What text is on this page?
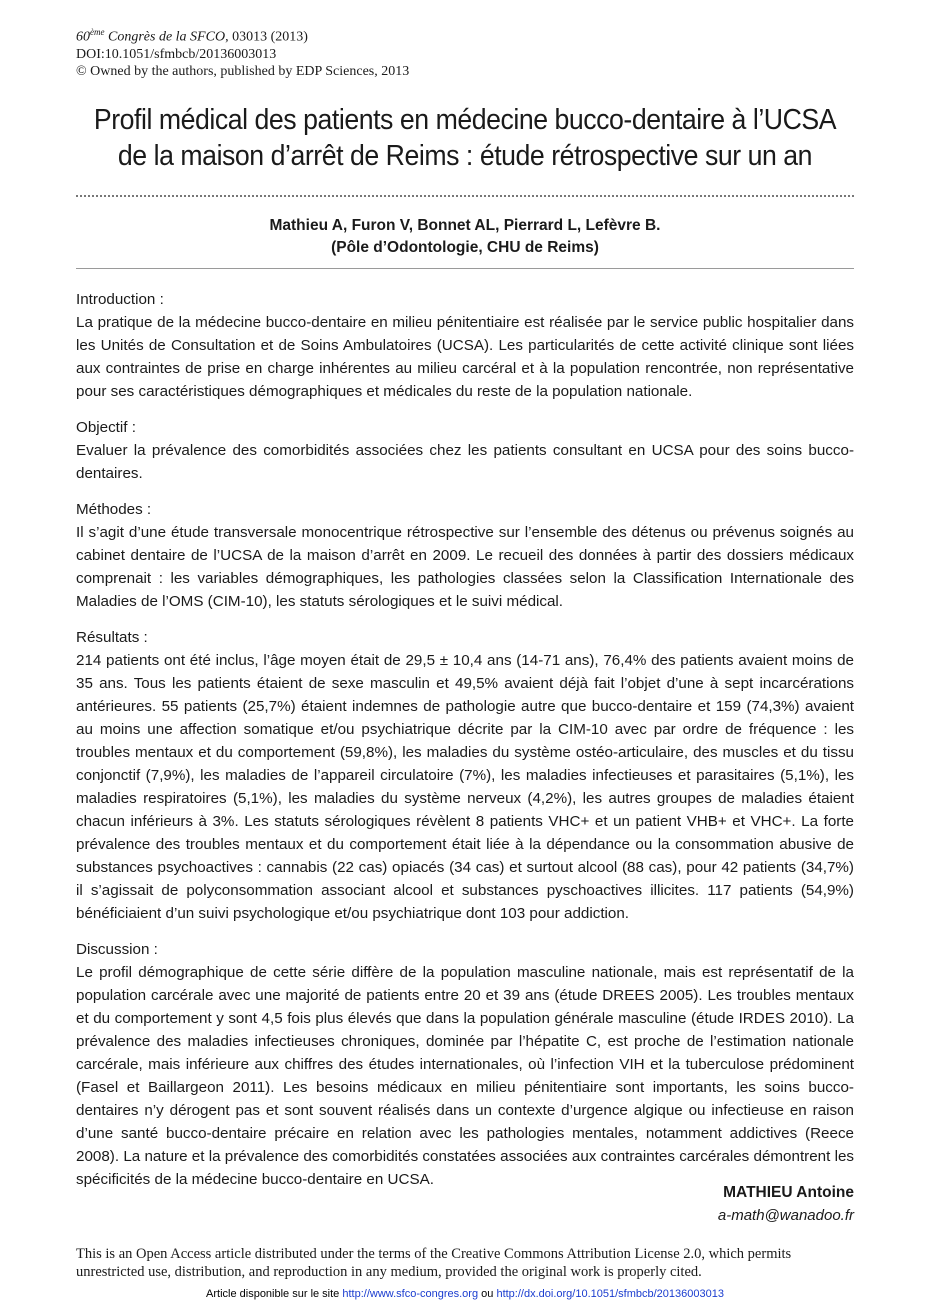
60ème Congrès de la SFCO, 03013 (2013)
DOI:10.1051/sfmbcb/20136003013
© Owned by the authors, published by EDP Sciences, 2013
Profil médical des patients en médecine bucco-dentaire à l’UCSA de la maison d’arrêt de Reims : étude rétrospective sur un an
Mathieu A, Furon V, Bonnet AL, Pierrard L, Lefèvre B.
(Pôle d’Odontologie, CHU de Reims)
Introduction :
La pratique de la médecine bucco-dentaire en milieu pénitentiaire est réalisée par le service public hospitalier dans les Unités de Consultation et de Soins Ambulatoires (UCSA). Les particularités de cette activité clinique sont liées aux contraintes de prise en charge inhérentes au milieu carcéral et à la population rencontrée, non représentative pour ses caractéristiques démographiques et médicales du reste de la population nationale.
Objectif :
Evaluer la prévalence des comorbidités associées chez les patients consultant en UCSA pour des soins bucco-dentaires.
Méthodes :
Il s’agit d’une étude transversale monocentrique rétrospective sur l’ensemble des détenus ou prévenus soignés au cabinet dentaire de l’UCSA de la maison d’arrêt en 2009. Le recueil des données à partir des dossiers médicaux comprenait : les variables démographiques, les pathologies classées selon la Classification Internationale des Maladies de l’OMS (CIM-10), les statuts sérologiques et le suivi médical.
Résultats :
214 patients ont été inclus, l’âge moyen était de 29,5 ± 10,4 ans (14-71 ans), 76,4% des patients avaient moins de 35 ans. Tous les patients étaient de sexe masculin et 49,5% avaient déjà fait l’objet d’une à sept incarcérations antérieures. 55 patients (25,7%) étaient indemnes de pathologie autre que bucco-dentaire et 159 (74,3%) avaient au moins une affection somatique et/ou psychiatrique décrite par la CIM-10 avec par ordre de fréquence : les troubles mentaux et du comportement (59,8%), les maladies du système ostéo-articulaire, des muscles et du tissu conjonctif (7,9%), les maladies de l’appareil circulatoire (7%), les maladies infectieuses et parasitaires (5,1%), les maladies respiratoires (5,1%), les maladies du système nerveux (4,2%), les autres groupes de maladies étaient chacun inférieurs à 3%. Les statuts sérologiques révèlent 8 patients VHC+ et un patient VHB+ et VHC+. La forte prévalence des troubles mentaux et du comportement était liée à la dépendance ou la consommation abusive de substances psychoactives : cannabis (22 cas) opiacés (34 cas) et surtout alcool (88 cas), pour 42 patients (34,7%) il s’agissait de polyconsommation associant alcool et substances pyschoactives illicites. 117 patients (54,9%) bénéficiaient d’un suivi psychologique et/ou psychiatrique dont 103 pour addiction.
Discussion :
Le profil démographique de cette série diffère de la population masculine nationale, mais est représentatif de la population carcérale avec une majorité de patients entre 20 et 39 ans (étude DREES 2005). Les troubles mentaux et du comportement y sont 4,5 fois plus élevés que dans la population générale masculine (étude IRDES 2010). La prévalence des maladies infectieuses chroniques, dominée par l’hépatite C, est proche de l’estimation nationale carcérale, mais inférieure aux chiffres des études internationales, où l’infection VIH et la tuberculose prédominent (Fasel et Baillargeon 2011). Les besoins médicaux en milieu pénitentiaire sont importants, les soins bucco-dentaires n’y dérogent pas et sont souvent réalisés dans un contexte d’urgence algique ou infectieuse en raison d’une santé bucco-dentaire précaire en relation avec les pathologies mentales, notamment addictives (Reece 2008). La nature et la prévalence des comorbidités constatées associées aux contraintes carcérales démontrent les spécificités de la médecine bucco-dentaire en UCSA.
MATHIEU Antoine
a-math@wanadoo.fr
This is an Open Access article distributed under the terms of the Creative Commons Attribution License 2.0, which permits unrestricted use, distribution, and reproduction in any medium, provided the original work is properly cited.
Article disponible sur le site http://www.sfco-congres.org ou http://dx.doi.org/10.1051/sfmbcb/20136003013
